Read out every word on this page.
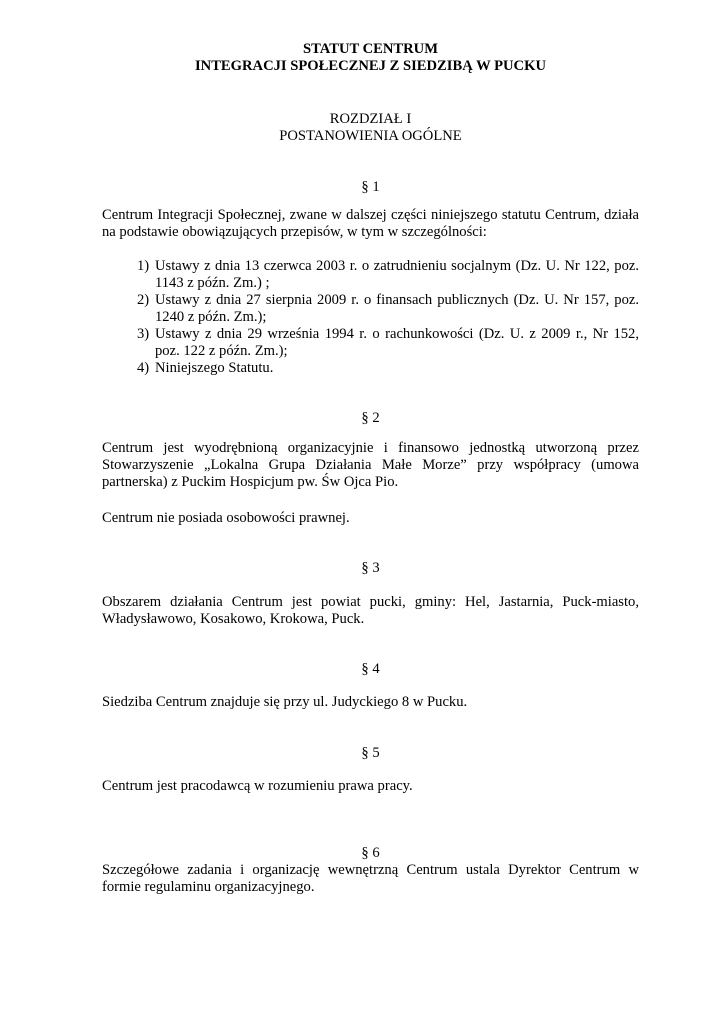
STATUT CENTRUM
INTEGRACJI SPOŁECZNEJ Z SIEDZIBĄ W PUCKU

ROZDZIAŁ I
POSTANOWIENIA OGÓLNE

§ 1

Centrum Integracji Społecznej, zwane w dalszej części niniejszego statutu Centrum, działa
na podstawie obowiązujących przepisów, w tym w szczególności:

1) Ustawy z dnia 13 czerwca 2003 r. o zatrudnieniu socjalnym (Dz. U. Nr 122, poz.
1143 z późn. Zm.) ;
2) Ustawy z dnia 27 sierpnia 2009 r. o finansach publicznych (Dz. U. Nr 157, poz.
1240 z późn. Zm.);
3) Ustawy z dnia 29 września 1994 r. o rachunkowości (Dz. U. z 2009 r., Nr 152,
poz. 122 z późn. Zm.);
4) Niniejszego Statutu.

§ 2

Centrum jest wyodrębnioną organizacyjnie i finansowo jednostką utworzoną przez
Stowarzyszenie „Lokalna Grupa Działania Małe Morze” przy współpracy (umowa
partnerska) z Puckim Hospicjum pw. Św Ojca Pio.

Centrum nie posiada osobowości prawnej.

§ 3

Obszarem działania Centrum jest powiat pucki, gminy: Hel, Jastarnia, Puck-miasto,
Władysławowo, Kosakowo, Krokowa, Puck.

§ 4

Siedziba Centrum znajduje się przy ul. Judyckiego 8 w Pucku.

§ 5

Centrum jest pracodawcą w rozumieniu prawa pracy.

§ 6

Szczegółowe zadania i organizację wewnętrzną Centrum ustala Dyrektor Centrum w
formie regulaminu organizacyjnego.
